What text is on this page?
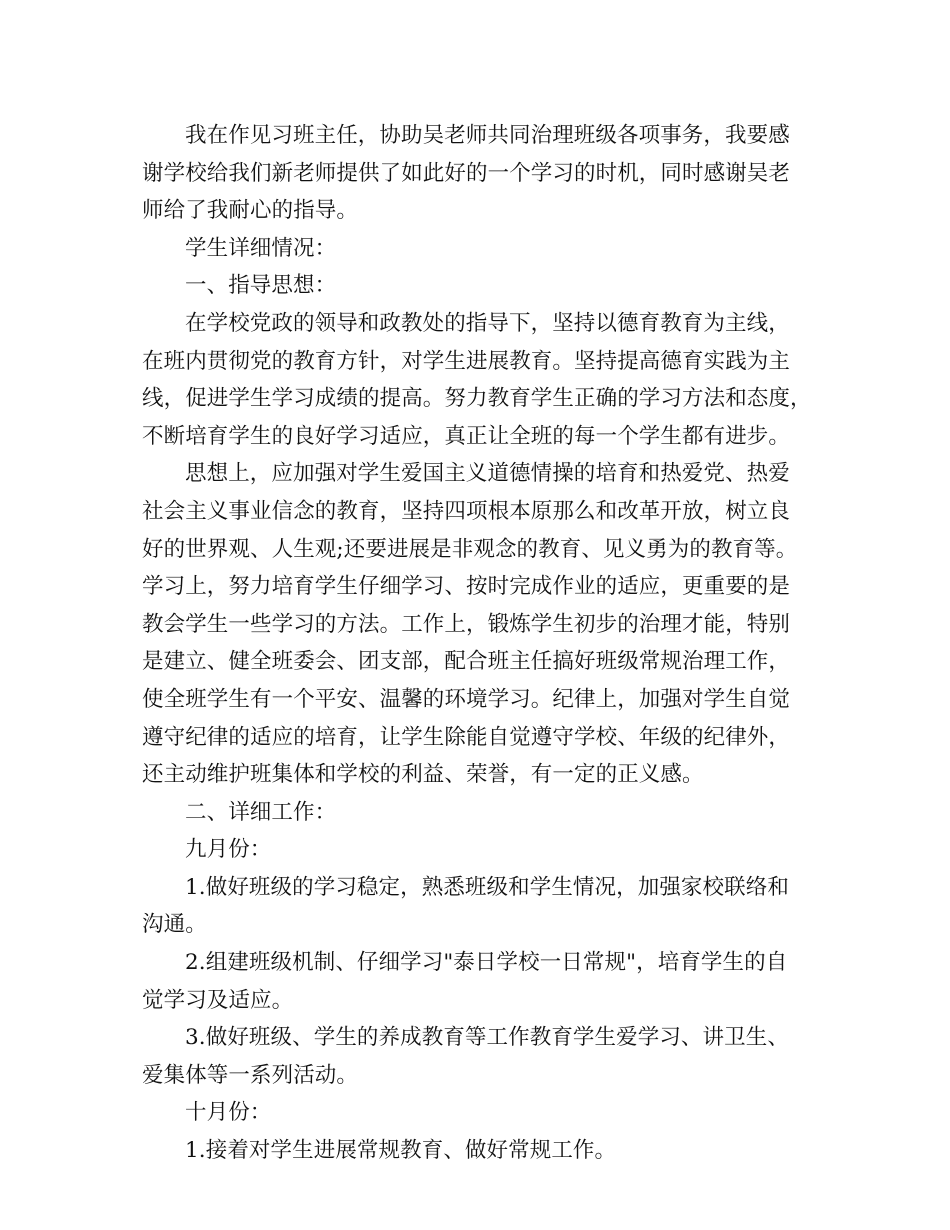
我在作见习班主任，协助吴老师共同治理班级各项事务，我要感
谢学校给我们新老师提供了如此好的一个学习的时机，同时感谢吴老
师给了我耐心的指导。
学生详细情况：
一、指导思想：
在学校党政的领导和政教处的指导下，坚持以德育教育为主线，
在班内贯彻党的教育方针，对学生进展教育。坚持提高德育实践为主
线，促进学生学习成绩的提高。努力教育学生正确的学习方法和态度，
不断培育学生的良好学习适应，真正让全班的每一个学生都有进步。
思想上，应加强对学生爱国主义道德情操的培育和热爱党、热爱
社会主义事业信念的教育，坚持四项根本原那么和改革开放，树立良
好的世界观、人生观;还要进展是非观念的教育、见义勇为的教育等。
学习上，努力培育学生仔细学习、按时完成作业的适应，更重要的是
教会学生一些学习的方法。工作上，锻炼学生初步的治理才能，特别
是建立、健全班委会、团支部，配合班主任搞好班级常规治理工作，
使全班学生有一个平安、温馨的环境学习。纪律上，加强对学生自觉
遵守纪律的适应的培育，让学生除能自觉遵守学校、年级的纪律外，
还主动维护班集体和学校的利益、荣誉，有一定的正义感。
二、详细工作：
九月份：
1.做好班级的学习稳定，熟悉班级和学生情况，加强家校联络和
沟通。
2.组建班级机制、仔细学习"泰日学校一日常规"，培育学生的自
觉学习及适应。
3.做好班级、学生的养成教育等工作教育学生爱学习、讲卫生、
爱集体等一系列活动。
十月份：
1.接着对学生进展常规教育、做好常规工作。
